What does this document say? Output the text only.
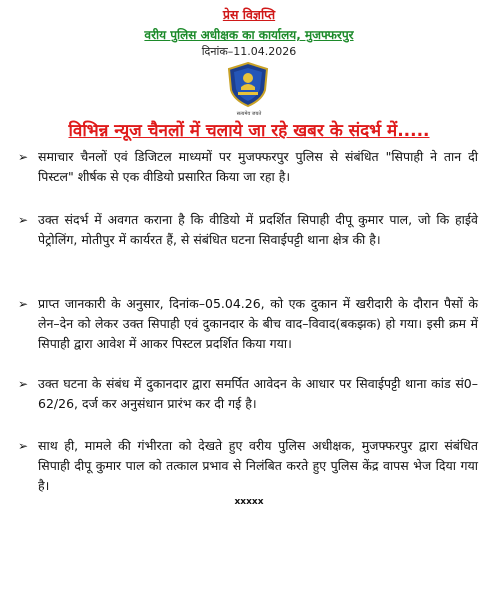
प्रेस विज्ञप्ति
वरीय पुलिस अधीक्षक का कार्यालय, मुजफ्फरपुर
दिनांक–11.04.2026
सत्यमेव जयते
विभिन्न न्यूज चैनलों में चलाये जा रहे खबर के संदर्भ में.....
➢ समाचार चैनलों एवं डिजिटल माध्यमों पर मुजफ्फरपुर पुलिस से संबंधित "सिपाही ने तान दी पिस्टल" शीर्षक से एक वीडियो प्रसारित किया जा रहा है।
➢ उक्त संदर्भ में अवगत कराना है कि वीडियो में प्रदर्शित सिपाही दीपू कुमार पाल, जो कि हाईवे पेट्रोलिंग, मोतीपुर में कार्यरत हैं, से संबंधित घटना सिवाईपट्टी थाना क्षेत्र की है।
➢ प्राप्त जानकारी के अनुसार, दिनांक–05.04.26, को एक दुकान में खरीदारी के दौरान पैसों के लेन–देन को लेकर उक्त सिपाही एवं दुकानदार के बीच वाद–विवाद(बकझक) हो गया। इसी क्रम में सिपाही द्वारा आवेश में आकर पिस्टल प्रदर्शित किया गया।
➢ उक्त घटना के संबंध में दुकानदार द्वारा समर्पित आवेदन के आधार पर सिवाईपट्टी थाना कांड सं0–62/26, दर्ज कर अनुसंधान प्रारंभ कर दी गई है।
➢ साथ ही, मामले की गंभीरता को देखते हुए वरीय पुलिस अधीक्षक, मुजफ्फरपुर द्वारा संबंधित सिपाही दीपू कुमार पाल को तत्काल प्रभाव से निलंबित करते हुए पुलिस केंद्र वापस भेज दिया गया है।
xxxxx
